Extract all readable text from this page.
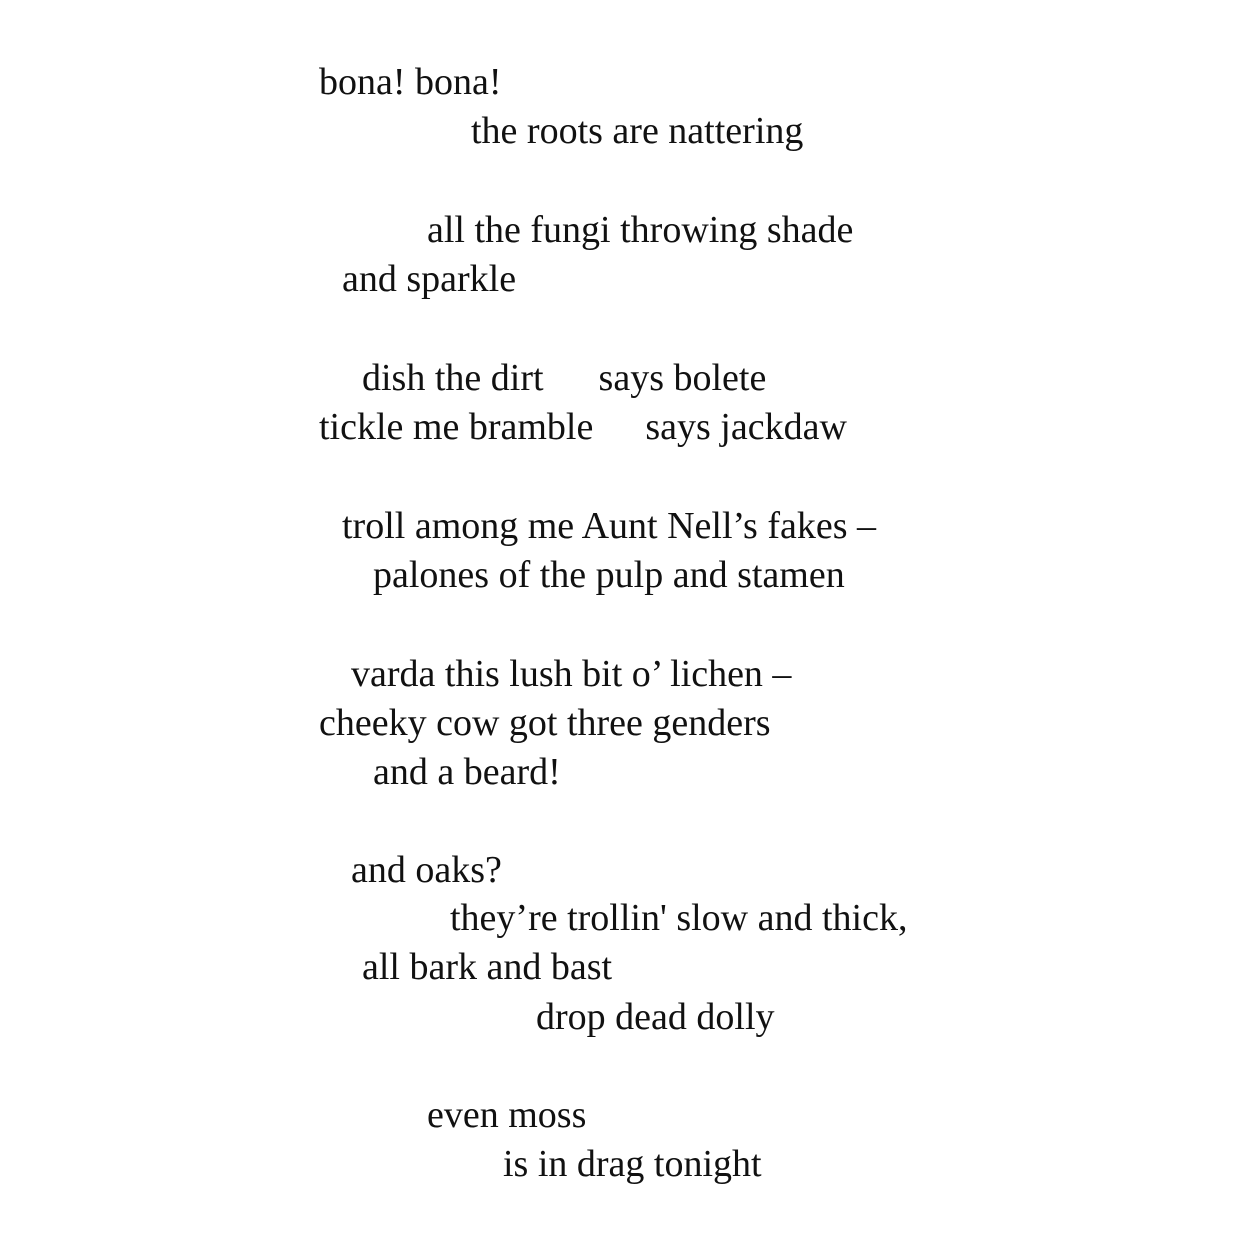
bona! bona!

the roots are nattering

all the fungi throwing shade

and sparkle

dish the dirt says bolete

tickle me bramble says jackdaw

troll among me Aunt Nell’s fakes –

palones of the pulp and stamen

varda this lush bit o’ lichen –

cheeky cow got three genders

and a beard!

and oaks?

they’re trollin' slow and thick,

all bark and bast

drop dead dolly

even moss

is in drag tonight
